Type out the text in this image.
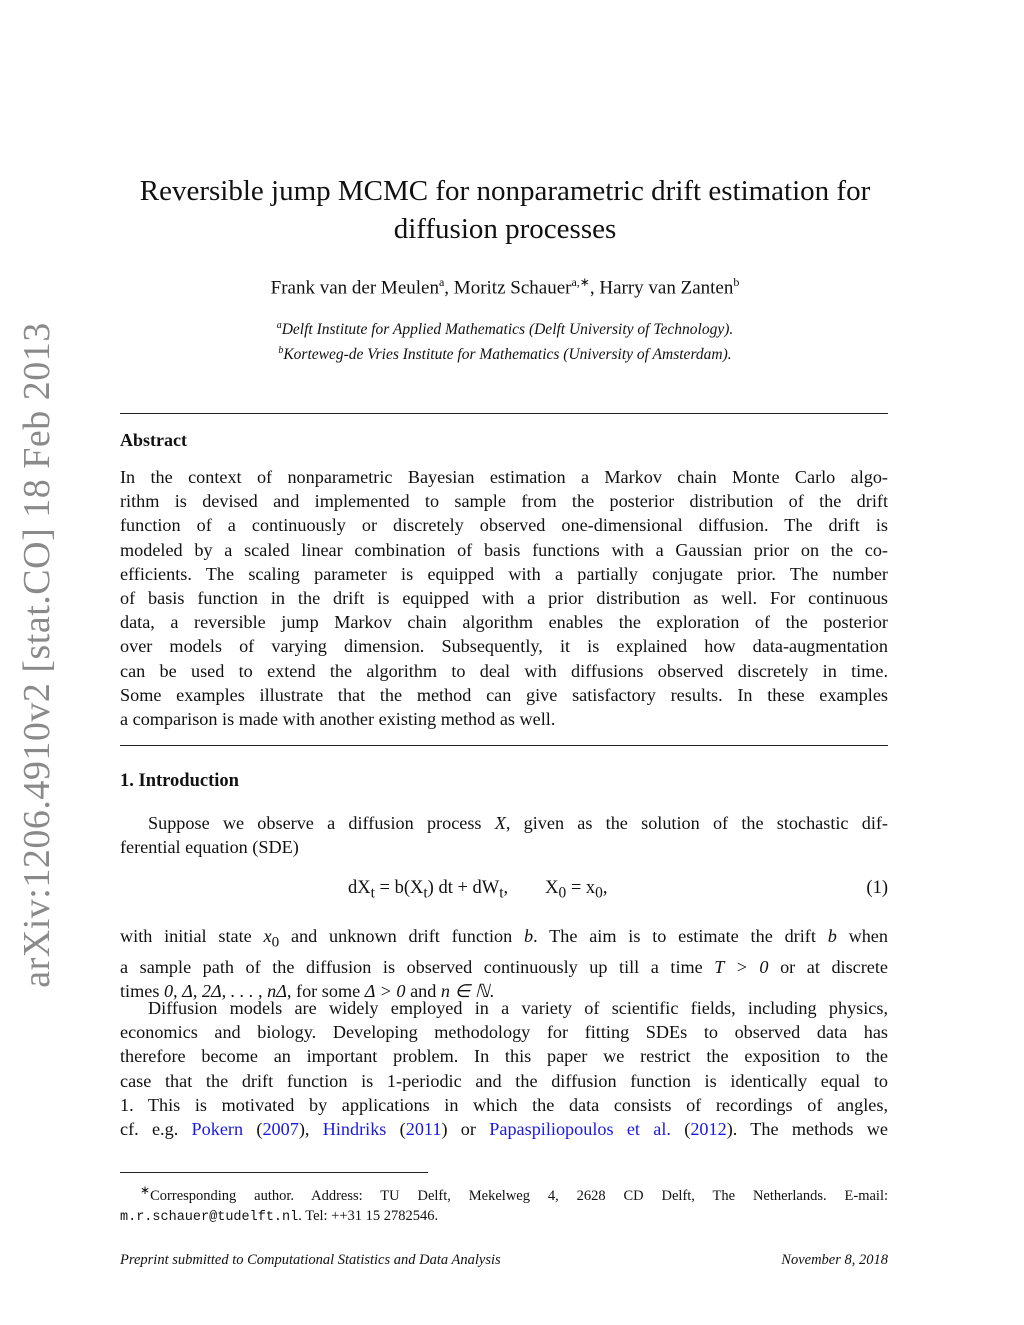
arXiv:1206.4910v2 [stat.CO] 18 Feb 2013
Reversible jump MCMC for nonparametric drift estimation for
diffusion processes
Frank van der Meulen$^a$, Moritz Schauer$^{a,∗}$, Harry van Zanten$^b$
$^a$Delft Institute for Applied Mathematics (Delft University of Technology).
$^b$Korteweg-de Vries Institute for Mathematics (University of Amsterdam).
Abstract
In the context of nonparametric Bayesian estimation a Markov chain Monte Carlo algo-
rithm is devised and implemented to sample from the posterior distribution of the drift
function of a continuously or discretely observed one-dimensional diffusion. The drift is
modeled by a scaled linear combination of basis functions with a Gaussian prior on the co-
efficients. The scaling parameter is equipped with a partially conjugate prior. The number
of basis function in the drift is equipped with a prior distribution as well. For continuous
data, a reversible jump Markov chain algorithm enables the exploration of the posterior
over models of varying dimension. Subsequently, it is explained how data-augmentation
can be used to extend the algorithm to deal with diffusions observed discretely in time.
Some examples illustrate that the method can give satisfactory results. In these examples
a comparison is made with another existing method as well.
1. Introduction
Suppose we observe a diffusion process X, given as the solution of the stochastic dif-
ferential equation (SDE)
$dX_t = b(X_t)$ dt + $dW_t$,        $X_0 = x_0$,	(1)
with initial state $x_0$ and unknown drift function b. The aim is to estimate the drift b when
a sample path of the diffusion is observed continuously up till a time T > 0 or at discrete
times 0, Δ, 2Δ, . . . , nΔ, for some Δ > 0 and n ∈ ℕ.
Diffusion models are widely employed in a variety of scientific fields, including physics,
economics and biology. Developing methodology for fitting SDEs to observed data has
therefore become an important problem. In this paper we restrict the exposition to the
case that the drift function is 1-periodic and the diffusion function is identically equal to
1. This is motivated by applications in which the data consists of recordings of angles,
cf. e.g. Pokern (2007), Hindriks (2011) or Papaspiliopoulos et al. (2012). The methods we
∗Corresponding author. Address: TU Delft, Mekelweg 4, 2628 CD Delft, The Netherlands. E-mail:
m.r.schauer@tudelft.nl. Tel: ++31 15 2782546.
Preprint submitted to Computational Statistics and Data Analysis	November 8, 2018
